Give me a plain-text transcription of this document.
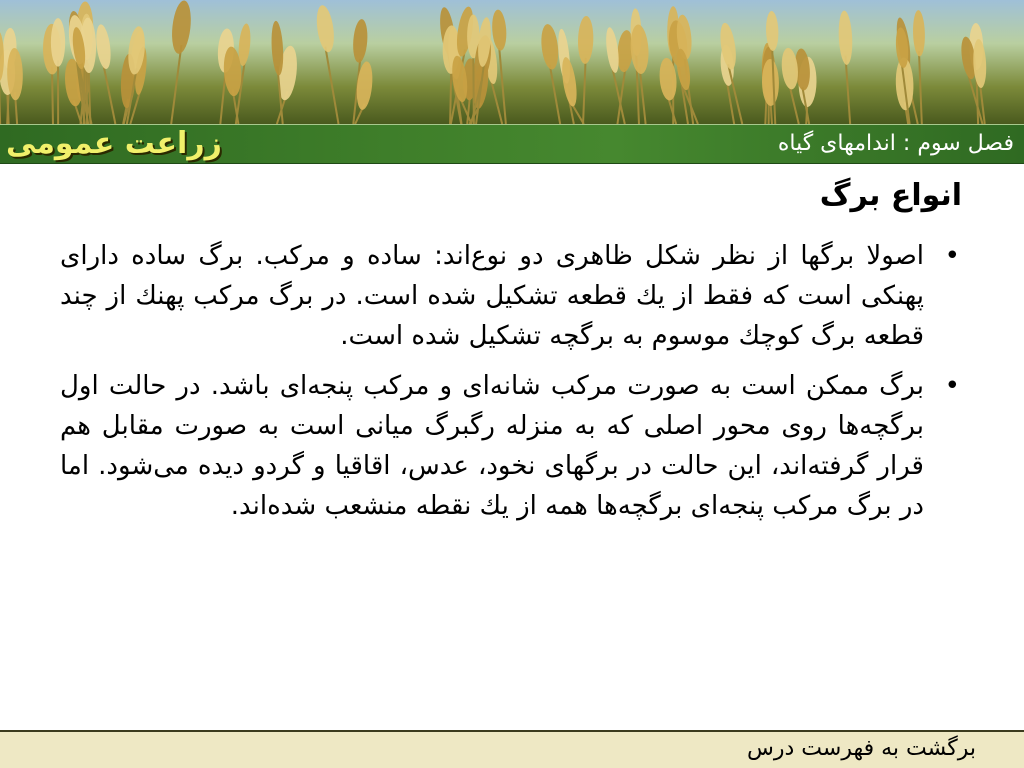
زراعت عمومی	فصل سوم : اندامهای گیاه
انواع برگ
•
اصولا برگها از نظر شكل ظاهری دو نوع‌اند: ساده و مركب. برگ ساده دارای پهنكی است كه فقط از یك قطعه تشكیل شده است. در برگ مركب پهنك از چند قطعه برگ كوچك موسوم به برگچه تشكیل شده است.
•
برگ ممكن است به صورت مركب شانه‌ای و مركب پنجه‌ای باشد. در حالت اول برگچه‌ها روی محور اصلی كه به منزله رگبرگ میانی است به صورت مقابل هم قرار گرفته‌اند، این حالت در برگهای نخود، عدس، اقاقیا و گردو دیده می‌شود. اما در برگ مركب پنجه‌ای برگچه‌ها همه از یك نقطه منشعب شده‌اند.
برگشت به فهرست درس
